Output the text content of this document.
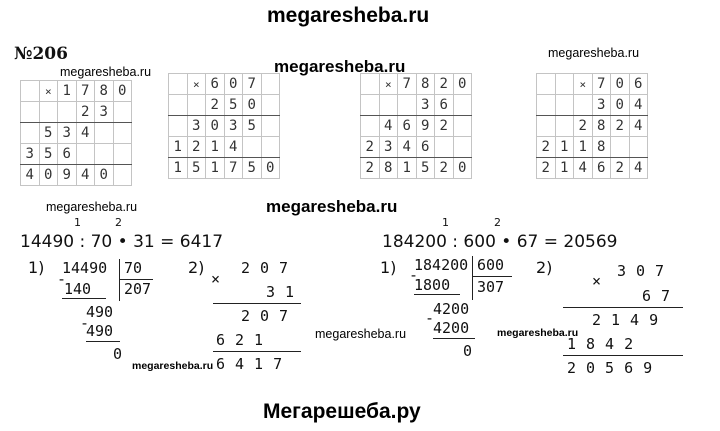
megaresheba.ru
megaresheba.ru
megaresheba.ru	megaresheba.ru
megaresheba.ru	megaresheba.ru
megaresheba.ru	megaresheba.ru
megaresheba.ru
Мегарешеба.ру
№206
	×	1	7	8	0
			2	3	
	5	3	4		
3	5	6			
4	0	9	4	0	
	×	6	0	7	
		2	5	0	
	3	0	3	5	
1	2	1	4		
1	5	1	7	5	0
	×	7	8	2	0
			3	6	
	4	6	9	2	
2	3	4	6		
2	8	1	5	2	0
		×	7	0	6
			3	0	4
		2	8	2	4
2	1	1	8		
2	1	4	6	2	4
1	2
14490 : 70 • 31 = 6417
1)
-
14490 70
140 207
490
-
490
0
2)
×
207
31
207
621
6417
1	2
184200 : 600 • 67 = 20569
1) -
184200 600
1800 307
4200
-
4200
0
2)
×
307
67
2149
1842
20569
